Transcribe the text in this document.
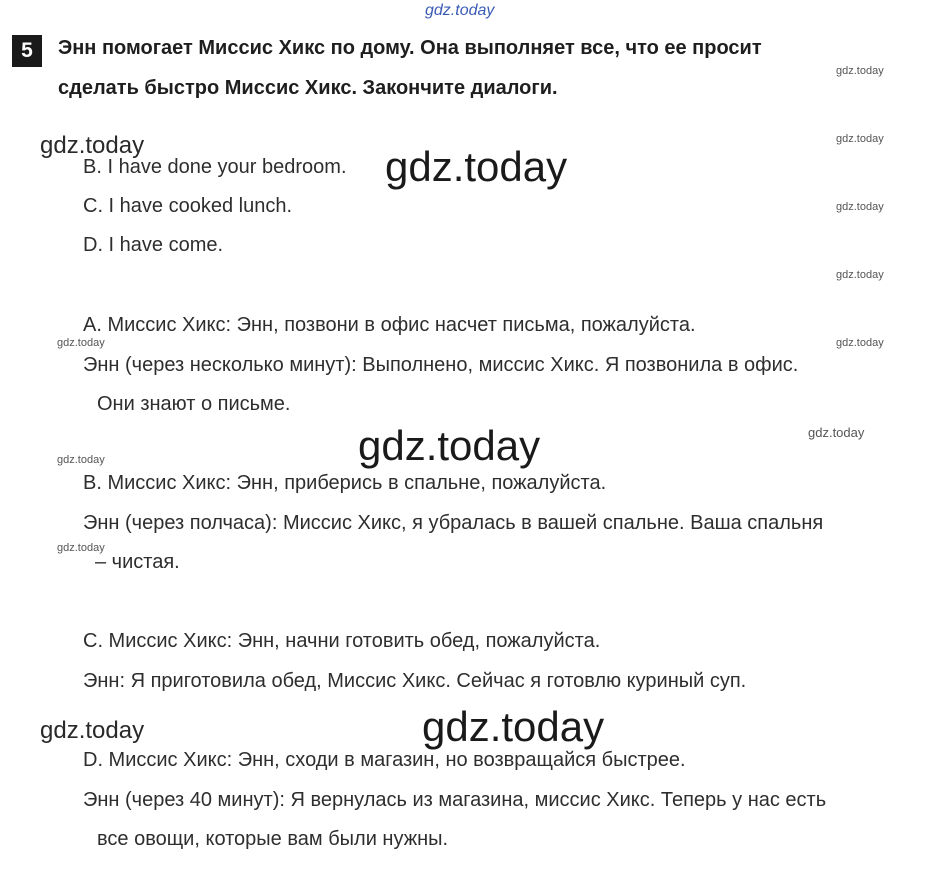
gdz.today
5	Энн помогает Миссис Хикс по дому. Она выполняет все, что ее просит
сделать быстро Миссис Хикс. Закончите диалоги.
gdz.today
gdz.today
gdz.today
gdz.today
gdz.today
gdz.today
gdz.today
gdz.today
gdz.today
gdz.today
gdz.today
gdz.today
gdz.today
gdz.today
B. I have done your bedroom.
C. I have cooked lunch.
D. I have come.
А. Миссис Хикс: Энн, позвони в офис насчет письма, пожалуйста.
Энн (через несколько минут): Выполнено, миссис Хикс. Я позвонила в офис.
Они знают о письме.
В. Миссис Хикс: Энн, приберись в спальне, пожалуйста.
Энн (через полчаса): Миссис Хикс, я убралась в вашей спальне. Ваша спальня
– чистая.
С. Миссис Хикс: Энн, начни готовить обед, пожалуйста.
Энн: Я приготовила обед, Миссис Хикс. Сейчас я готовлю куриный суп.
D. Миссис Хикс: Энн, сходи в магазин, но возвращайся быстрее.
Энн (через 40 минут): Я вернулась из магазина, миссис Хикс. Теперь у нас есть
все овощи, которые вам были нужны.
